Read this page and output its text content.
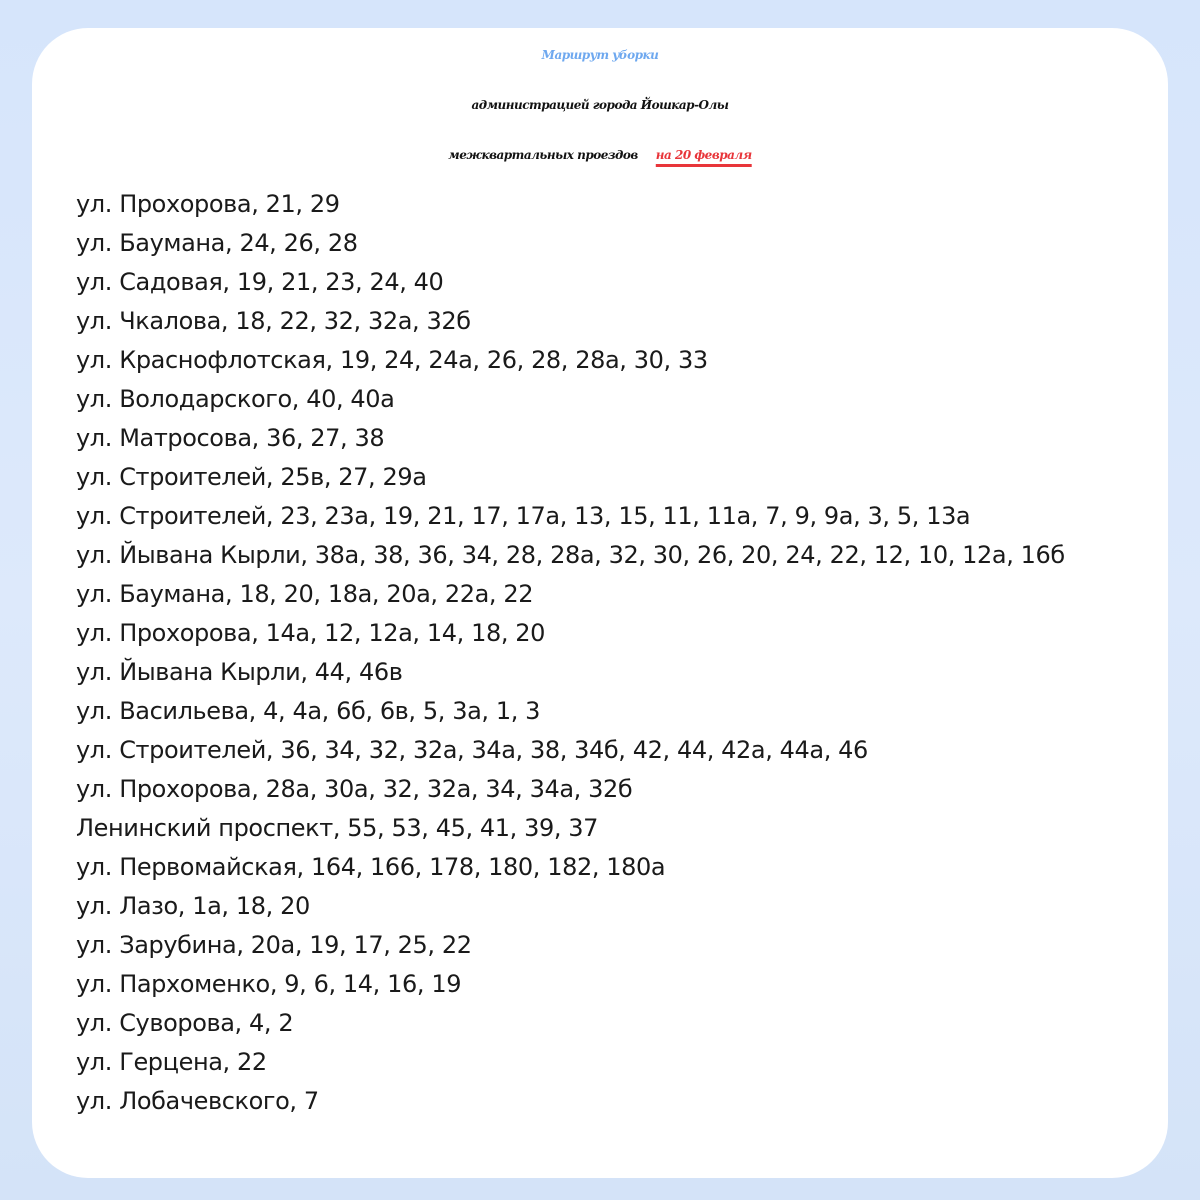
Маршрут уборки
администрацией города Йошкар-Олы
межквартальных проездов на 20 февраля
ул. Прохорова, 21, 29
ул. Баумана, 24, 26, 28
ул. Садовая, 19, 21, 23, 24, 40
ул. Чкалова, 18, 22, 32, 32а, 32б
ул. Краснофлотская, 19, 24, 24а, 26, 28, 28а, 30, 33
ул. Володарского, 40, 40а
ул. Матросова, 36, 27, 38
ул. Строителей, 25в, 27, 29а
ул. Строителей, 23, 23а, 19, 21, 17, 17а, 13, 15, 11, 11а, 7, 9, 9а, 3, 5, 13а
ул. Йывана Кырли, 38а, 38, 36, 34, 28, 28а, 32, 30, 26, 20, 24, 22, 12, 10, 12а, 16б
ул. Баумана, 18, 20, 18а, 20а, 22а, 22
ул. Прохорова, 14а, 12, 12а, 14, 18, 20
ул. Йывана Кырли, 44, 46в
ул. Васильева, 4, 4а, 6б, 6в, 5, 3а, 1, 3
ул. Строителей, 36, 34, 32, 32а, 34а, 38, 34б, 42, 44, 42а, 44а, 46
ул. Прохорова, 28а, 30а, 32, 32а, 34, 34а, 32б
Ленинский проспект, 55, 53, 45, 41, 39, 37
ул. Первомайская, 164, 166, 178, 180, 182, 180а
ул. Лазо, 1а, 18, 20
ул. Зарубина, 20а, 19, 17, 25, 22
ул. Пархоменко, 9, 6, 14, 16, 19
ул. Суворова, 4, 2
ул. Герцена, 22
ул. Лобачевского, 7
